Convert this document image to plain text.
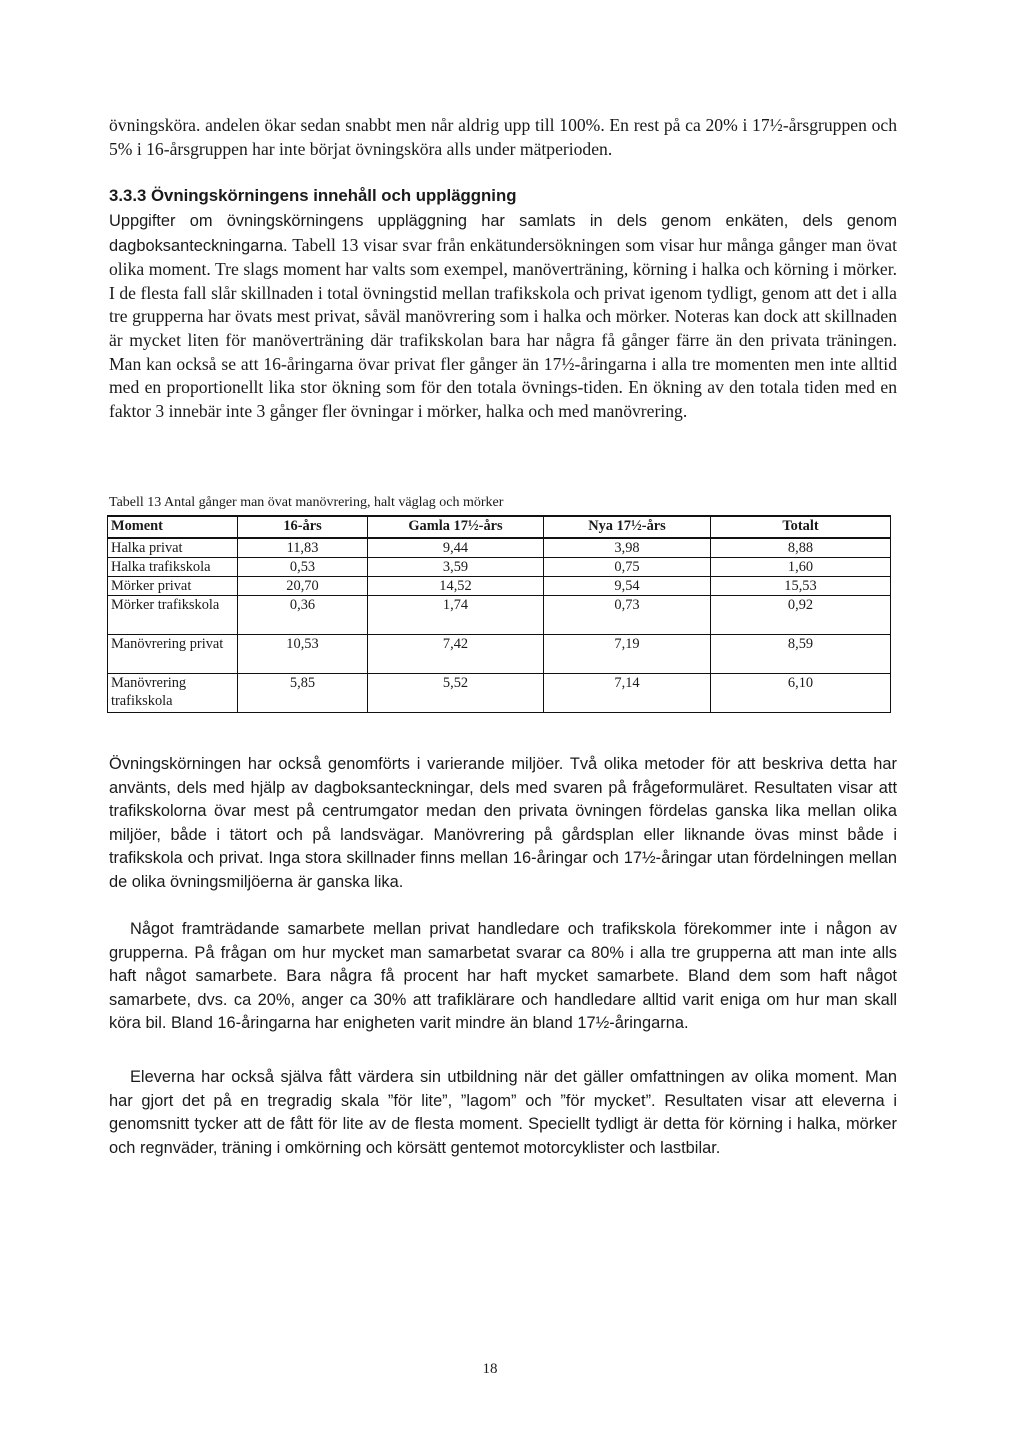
övningsköra. andelen ökar sedan snabbt men når aldrig upp till 100%. En rest på ca 20% i 17½-årsgruppen och 5% i 16-årsgruppen har inte börjat övningsköra alls under mätperioden.

3.3.3 Övningskörningens innehåll och uppläggning

Uppgifter om övningskörningens uppläggning har samlats in dels genom enkäten, dels genom dagboksanteckningarna. Tabell 13 visar svar från enkätundersökningen som visar hur många gånger man övat olika moment. Tre slags moment har valts som exempel, manöverträning, körning i halka och körning i mörker. I de flesta fall slår skillnaden i total övningstid mellan trafikskola och privat igenom tydligt, genom att det i alla tre grupperna har övats mest privat, såväl manövrering som i halka och mörker. Noteras kan dock att skillnaden är mycket liten för manöverträning där trafikskolan bara har några få gånger färre än den privata träningen. Man kan också se att 16-åringarna övar privat fler gånger än 17½-åringarna i alla tre momenten men inte alltid med en proportionellt lika stor ökning som för den totala övnings-tiden. En ökning av den totala tiden med en faktor 3 innebär inte 3 gånger fler övningar i mörker, halka och med manövrering.

Tabell 13 Antal gånger man övat manövrering, halt väglag och mörker
Moment	16-års	Gamla 17½-års	Nya 17½-års	Totalt
Halka privat	11,83	9,44	3,98	8,88
Halka trafikskola	0,53	3,59	0,75	1,60
Mörker privat	20,70	14,52	9,54	15,53
Mörker trafikskola	0,36	1,74	0,73	0,92
Manövrering privat	10,53	7,42	7,19	8,59
Manövrering trafikskola	5,85	5,52	7,14	6,10

Övningskörningen har också genomförts i varierande miljöer. Två olika metoder för att beskriva detta har använts, dels med hjälp av dagboksanteckningar, dels med svaren på frågeformuläret. Resultaten visar att trafikskolorna övar mest på centrumgator medan den privata övningen fördelas ganska lika mellan olika miljöer, både i tätort och på landsvägar. Manövrering på gårdsplan eller liknande övas minst både i trafikskola och privat. Inga stora skillnader finns mellan 16-åringar och 17½-åringar utan fördelningen mellan de olika övningsmiljöerna är ganska lika.

Något framträdande samarbete mellan privat handledare och trafikskola förekommer inte i någon av grupperna. På frågan om hur mycket man samarbetat svarar ca 80% i alla tre grupperna att man inte alls haft något samarbete. Bara några få procent har haft mycket samarbete. Bland dem som haft något samarbete, dvs. ca 20%, anger ca 30% att trafiklärare och handledare alltid varit eniga om hur man skall köra bil. Bland 16-åringarna har enigheten varit mindre än bland 17½-åringarna.

Eleverna har också själva fått värdera sin utbildning när det gäller omfattningen av olika moment. Man har gjort det på en tregradig skala ”för lite”, ”lagom” och ”för mycket”. Resultaten visar att eleverna i genomsnitt tycker att de fått för lite av de flesta moment. Speciellt tydligt är detta för körning i halka, mörker och regnväder, träning i omkörning och körsätt gentemot motorcyklister och lastbilar.

18
